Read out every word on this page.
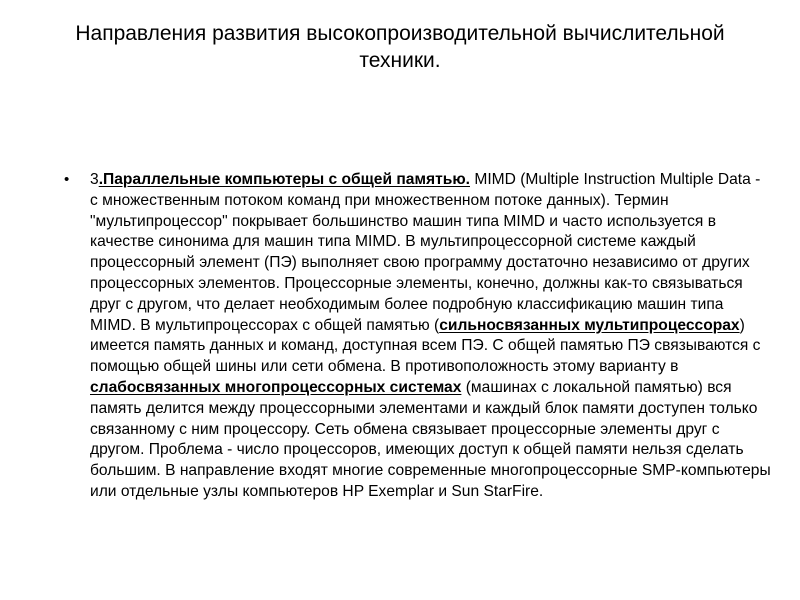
Направления развития высокопроизводительной вычислительной
техники.
• 3.Параллельные компьютеры с общей памятью. MIMD (Multiple Instruction Multiple Data - с множественным потоком команд при множественном потоке данных). Термин "мультипроцессор" покрывает большинство машин типа MIMD и часто используется в качестве синонима для машин типа MIMD. В мультипроцессорной системе каждый процессорный элемент (ПЭ) выполняет свою программу достаточно независимо от других процессорных элементов. Процессорные элементы, конечно, должны как-то связываться друг с другом, что делает необходимым более подробную классификацию машин типа MIMD. В мультипроцессорах с общей памятью (сильносвязанных мультипроцессорах) имеется память данных и команд, доступная всем ПЭ. С общей памятью ПЭ связываются с помощью общей шины или сети обмена. В противоположность этому варианту в слабосвязанных многопроцессорных системах (машинах с локальной памятью) вся память делится между процессорными элементами и каждый блок памяти доступен только связанному с ним процессору. Сеть обмена связывает процессорные элементы друг с другом. Проблема - число процессоров, имеющих доступ к общей памяти нельзя сделать большим. В направление входят многие современные многопроцессорные SMP-компьютеры или отдельные узлы компьютеров HP Exemplar и Sun StarFire.
